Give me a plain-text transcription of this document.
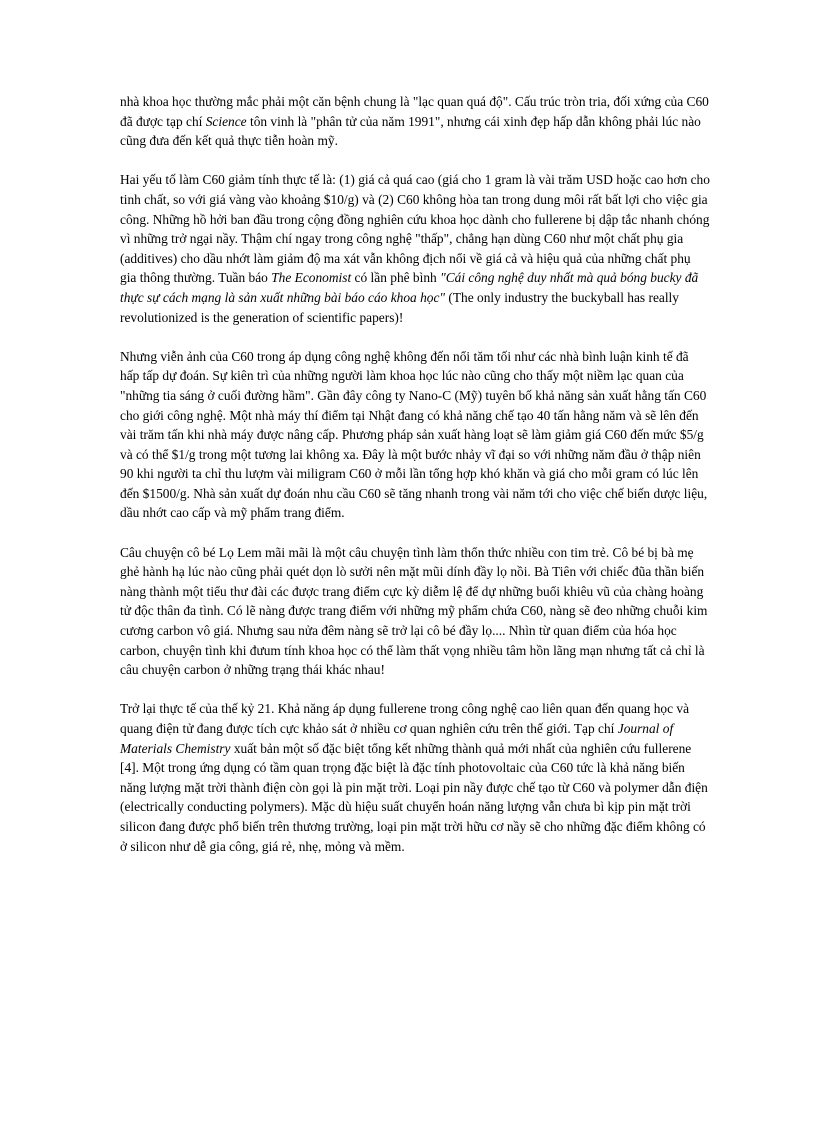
nhà khoa học thường mắc phải một căn bệnh chung là "lạc quan quá độ". Cấu trúc tròn tria, đối xứng của C60 đã được tạp chí Science tôn vinh là "phân tử của năm 1991", nhưng cái xinh đẹp hấp dẫn không phải lúc nào cũng đưa đến kết quả thực tiễn hoàn mỹ.

Hai yếu tố làm C60 giảm tính thực tế là: (1) giá cả quá cao (giá cho 1 gram là vài trăm USD hoặc cao hơn cho tinh chất, so với giá vàng vào khoảng $10/g) và (2) C60 không hòa tan trong dung môi rất bất lợi cho việc gia công. Những hồ hởi ban đầu trong cộng đồng nghiên cứu khoa học dành cho fullerene bị dập tắc nhanh chóng vì những trở ngại nầy. Thậm chí ngay trong công nghệ "thấp", chẳng hạn dùng C60 như một chất phụ gia (additives) cho dầu nhớt làm giảm độ ma xát vẫn không địch nổi về giá cả và hiệu quả của những chất phụ gia thông thường. Tuần báo The Economist có lần phê bình "Cái công nghệ duy nhất mà quả bóng bucky đã thực sự cách mạng là sản xuất những bài báo cáo khoa học" (The only industry the buckyball has really revolutionized is the generation of scientific papers)!

Nhưng viễn ảnh của C60 trong áp dụng công nghệ không đến nổi tăm tối như các nhà bình luận kinh tế đã hấp tấp dự đoán. Sự kiên trì của những người làm khoa học lúc nào cũng cho thấy một niềm lạc quan của "những tia sáng ở cuối đường hầm". Gần đây công ty Nano-C (Mỹ) tuyên bố khả năng sản xuất hằng tấn C60 cho giới công nghệ. Một nhà máy thí điểm tại Nhật đang có khả năng chế tạo 40 tấn hằng năm và sẽ lên đến vài trăm tấn khi nhà máy được nâng cấp. Phương pháp sản xuất hàng loạt sẽ làm giảm giá C60 đến mức $5/g và có thể $1/g trong một tương lai không xa. Đây là một bước nhảy vĩ đại so với những năm đầu ở thập niên 90 khi người ta chỉ thu lượm vài miligram C60 ở mỗi lần tổng hợp khó khăn và giá cho mỗi gram có lúc lên đến $1500/g. Nhà sản xuất dự đoán nhu cầu C60 sẽ tăng nhanh trong vài năm tới cho việc chế biến dược liệu, dầu nhớt cao cấp và mỹ phẩm trang điểm.

Câu chuyện cô bé Lọ Lem mãi mãi là một câu chuyện tình làm thổn thức nhiều con tim trẻ. Cô bé bị bà mẹ ghẻ hành hạ lúc nào cũng phải quét dọn lò sưởi nên mặt mũi dính đầy lọ nồi. Bà Tiên với chiếc đũa thần biến nàng thành một tiểu thư đài các được trang điểm cực kỳ diễm lệ để dự những buổi khiêu vũ của chàng hoàng tử độc thân đa tình. Có lẽ nàng được trang điểm với những mỹ phẩm chứa C60, nàng sẽ đeo những chuỗi kim cương carbon vô giá. Nhưng sau nửa đêm nàng sẽ trở lại cô bé đầy lọ.... Nhìn từ quan điểm của hóa học carbon, chuyện tình khi đưum tính khoa học có thể làm thất vọng nhiều tâm hồn lãng mạn nhưng tất cả chỉ là câu chuyện carbon ở những trạng thái khác nhau!

Trở lại thực tế của thế kỷ 21. Khả năng áp dụng fullerene trong công nghệ cao liên quan đến quang học và quang điện tử đang được tích cực khảo sát ở nhiều cơ quan nghiên cứu trên thế giới. Tạp chí Journal of Materials Chemistry xuất bản một số đặc biệt tổng kết những thành quả mới nhất của nghiên cứu fullerene [4]. Một trong ứng dụng có tầm quan trọng đặc biệt là đặc tính photovoltaic của C60 tức là khả năng biến năng lượng mặt trời thành điện còn gọi là pin mặt trời. Loại pin nầy được chế tạo từ C60 và polymer dẫn điện (electrically conducting polymers). Mặc dù hiệu suất chuyển hoán năng lượng vẫn chưa bì kịp pin mặt trời silicon đang được phổ biến trên thương trường, loại pin mặt trời hữu cơ nầy sẽ cho những đặc điểm không có ở silicon như dễ gia công, giá rẻ, nhẹ, mỏng và mềm.
